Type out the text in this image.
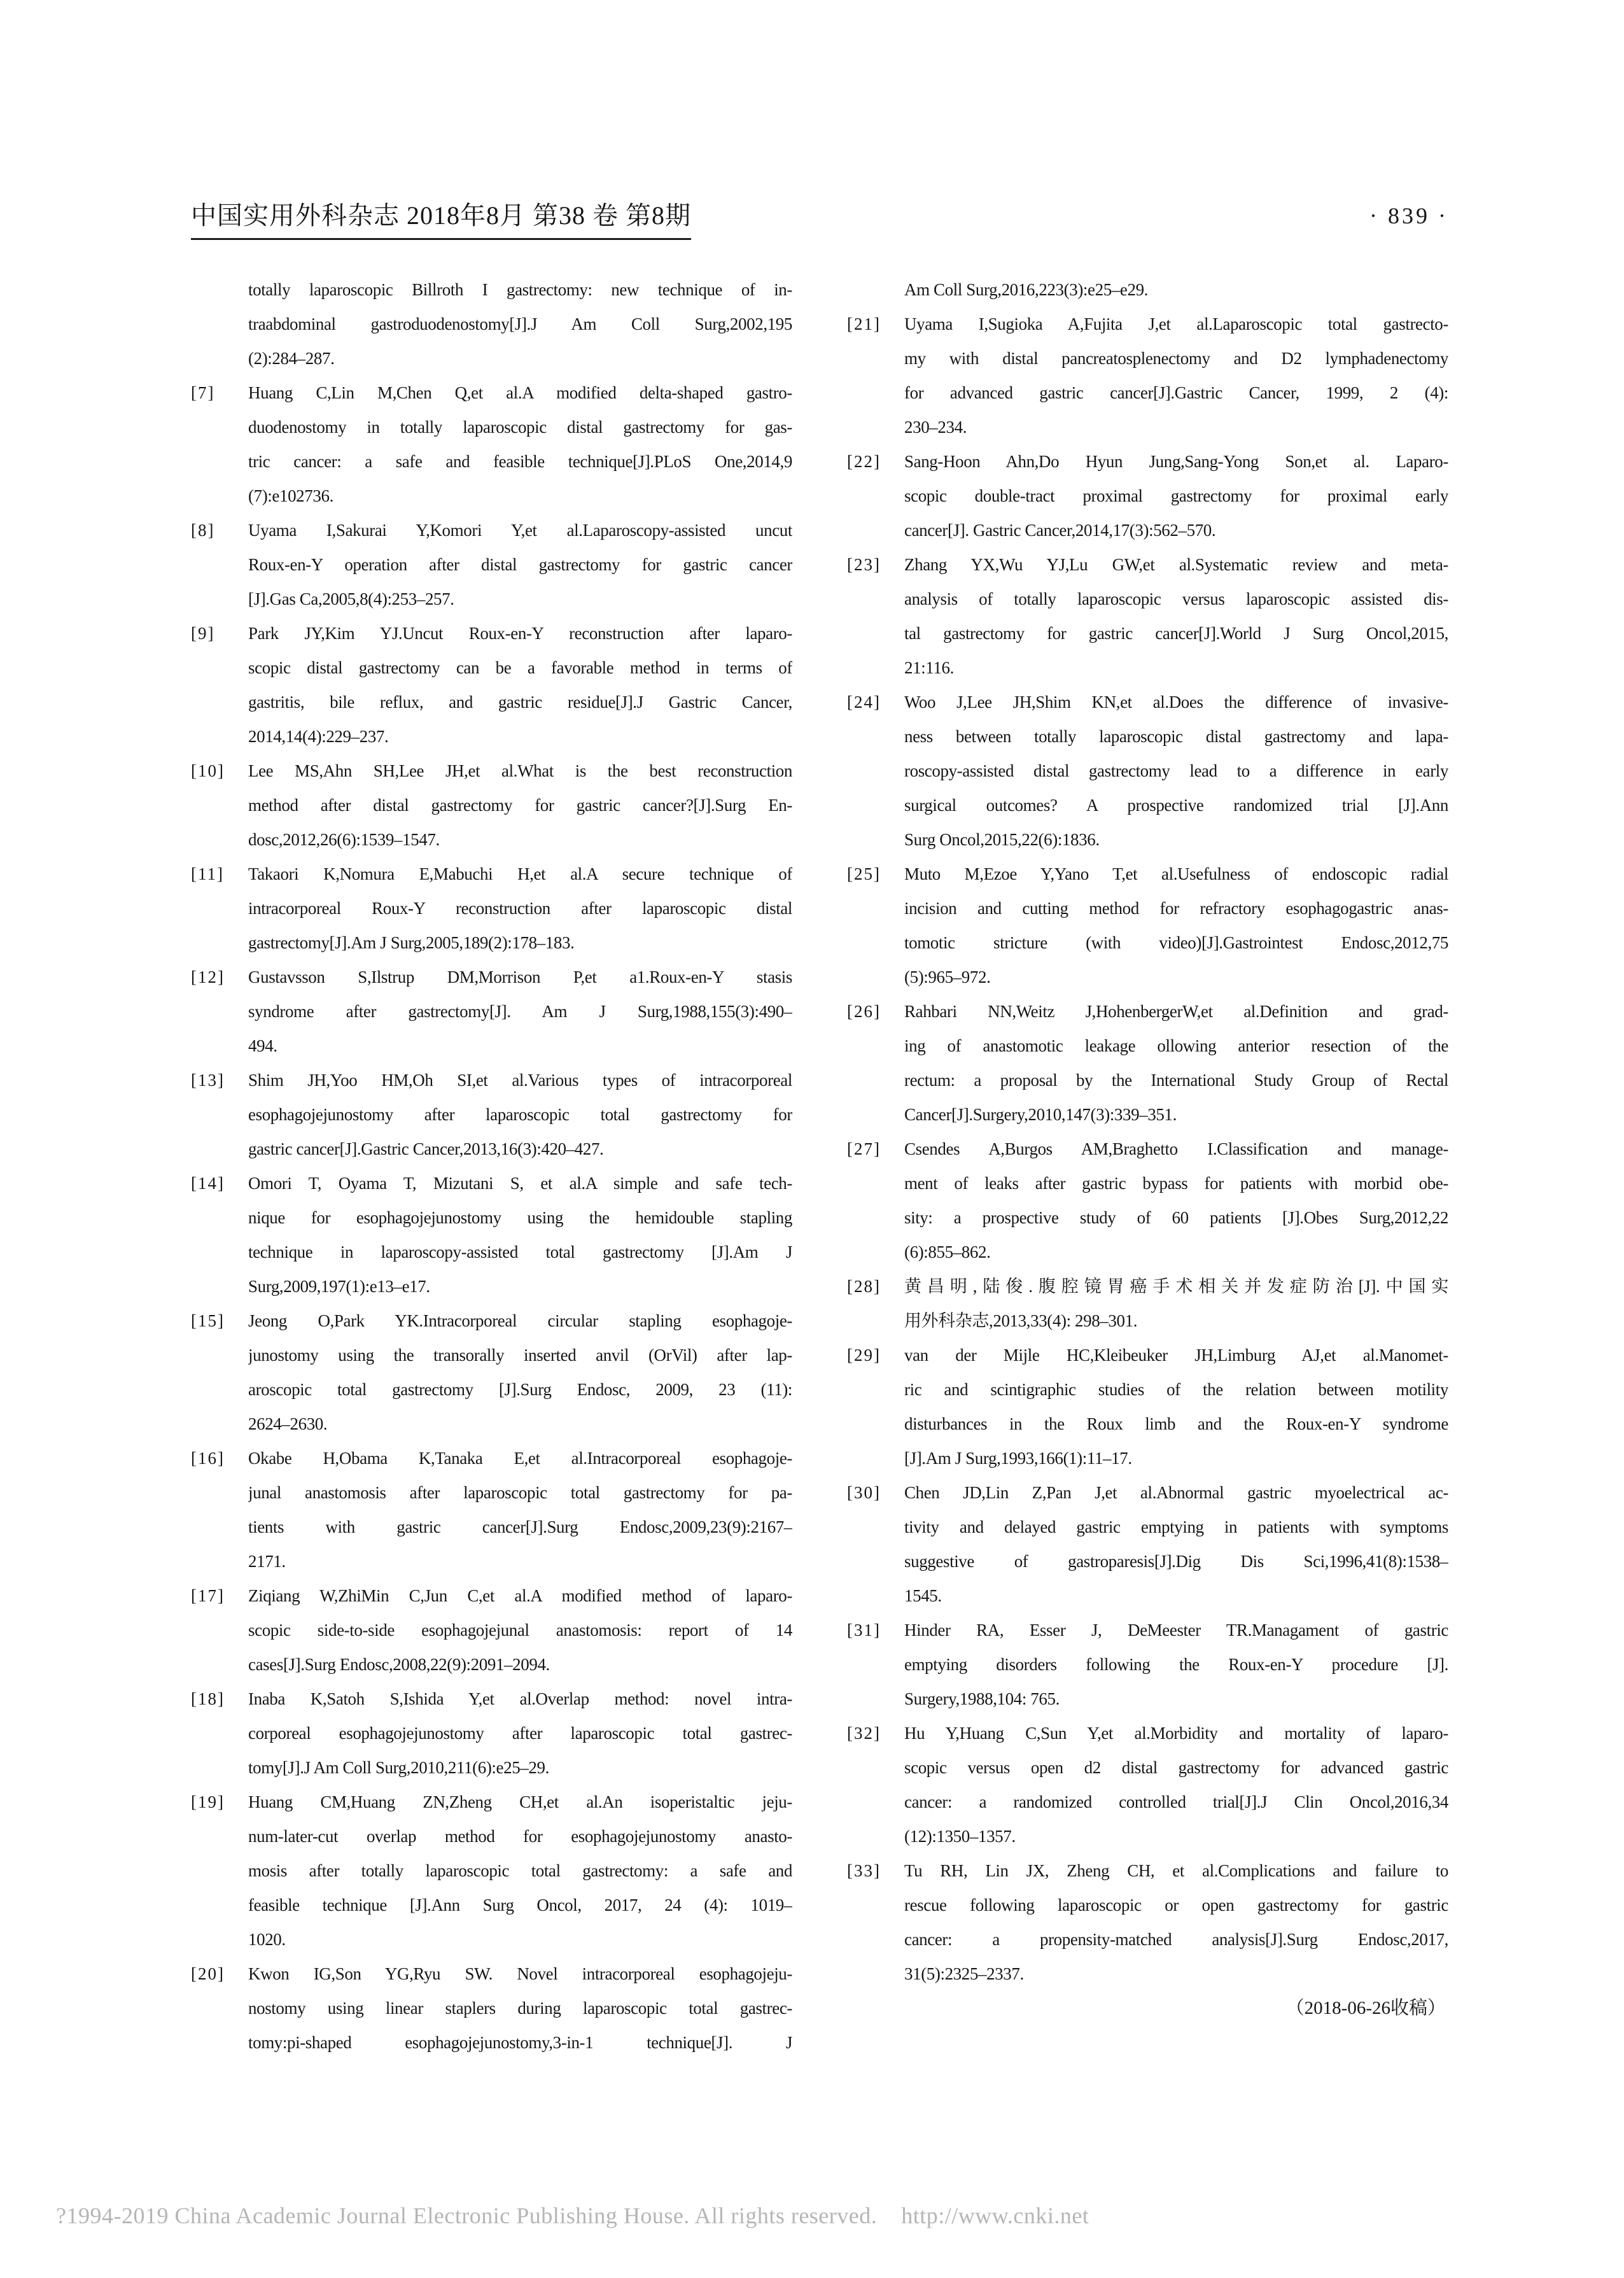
中国实用外科杂志 2018年8月 第38 卷 第8期	· 839 ·
totally laparoscopic Billroth I gastrectomy: new technique of in-
traabdominal gastroduodenostomy[J].J Am Coll Surg,2002,195
(2):284–287.
[7] Huang C,Lin M,Chen Q,et al.A modified delta-shaped gastro-
duodenostomy in totally laparoscopic distal gastrectomy for gas-
tric cancer: a safe and feasible technique[J].PLoS One,2014,9
(7):e102736.
[8] Uyama I,Sakurai Y,Komori Y,et al.Laparoscopy-assisted uncut
Roux-en-Y operation after distal gastrectomy for gastric cancer
[J].Gas Ca,2005,8(4):253–257.
[9] Park JY,Kim YJ.Uncut Roux-en-Y reconstruction after laparo-
scopic distal gastrectomy can be a favorable method in terms of
gastritis, bile reflux, and gastric residue[J].J Gastric Cancer,
2014,14(4):229–237.
[10] Lee MS,Ahn SH,Lee JH,et al.What is the best reconstruction
method after distal gastrectomy for gastric cancer?[J].Surg En-
dosc,2012,26(6):1539–1547.
[11] Takaori K,Nomura E,Mabuchi H,et al.A secure technique of
intracorporeal Roux-Y reconstruction after laparoscopic distal
gastrectomy[J].Am J Surg,2005,189(2):178–183.
[12] Gustavsson S,Ilstrup DM,Morrison P,et a1.Roux-en-Y stasis
syndrome after gastrectomy[J]. Am J Surg,1988,155(3):490–
494.
[13] Shim JH,Yoo HM,Oh SI,et al.Various types of intracorporeal
esophagojejunostomy after laparoscopic total gastrectomy for
gastric cancer[J].Gastric Cancer,2013,16(3):420–427.
[14] Omori T, Oyama T, Mizutani S, et al.A simple and safe tech-
nique for esophagojejunostomy using the hemidouble stapling
technique in laparoscopy-assisted total gastrectomy [J].Am J
Surg,2009,197(1):e13–e17.
[15] Jeong O,Park YK.Intracorporeal circular stapling esophagoje-
junostomy using the transorally inserted anvil (OrVil) after lap-
aroscopic total gastrectomy [J].Surg Endosc, 2009, 23 (11):
2624–2630.
[16] Okabe H,Obama K,Tanaka E,et al.Intracorporeal esophagoje-
junal anastomosis after laparoscopic total gastrectomy for pa-
tients with gastric cancer[J].Surg Endosc,2009,23(9):2167–
2171.
[17] Ziqiang W,ZhiMin C,Jun C,et al.A modified method of laparo-
scopic side-to-side esophagojejunal anastomosis: report of 14
cases[J].Surg Endosc,2008,22(9):2091–2094.
[18] Inaba K,Satoh S,Ishida Y,et al.Overlap method: novel intra-
corporeal esophagojejunostomy after laparoscopic total gastrec-
tomy[J].J Am Coll Surg,2010,211(6):e25–29.
[19] Huang CM,Huang ZN,Zheng CH,et al.An isoperistaltic jeju-
num-later-cut overlap method for esophagojejunostomy anasto-
mosis after totally laparoscopic total gastrectomy: a safe and
feasible technique [J].Ann Surg Oncol, 2017, 24 (4): 1019–
1020.
[20] Kwon IG,Son YG,Ryu SW. Novel intracorporeal esophagojeju-
nostomy using linear staplers during laparoscopic total gastrec-
tomy:pi-shaped esophagojejunostomy,3-in-1 technique[J]. J
Am Coll Surg,2016,223(3):e25–e29.
[21] Uyama I,Sugioka A,Fujita J,et al.Laparoscopic total gastrecto-
my with distal pancreatosplenectomy and D2 lymphadenectomy
for advanced gastric cancer[J].Gastric Cancer, 1999, 2 (4):
230–234.
[22] Sang-Hoon Ahn,Do Hyun Jung,Sang-Yong Son,et al. Laparo-
scopic double-tract proximal gastrectomy for proximal early
cancer[J]. Gastric Cancer,2014,17(3):562–570.
[23] Zhang YX,Wu YJ,Lu GW,et al.Systematic review and meta-
analysis of totally laparoscopic versus laparoscopic assisted dis-
tal gastrectomy for gastric cancer[J].World J Surg Oncol,2015,
21:116.
[24] Woo J,Lee JH,Shim KN,et al.Does the difference of invasive-
ness between totally laparoscopic distal gastrectomy and lapa-
roscopy-assisted distal gastrectomy lead to a difference in early
surgical outcomes? A prospective randomized trial [J].Ann
Surg Oncol,2015,22(6):1836.
[25] Muto M,Ezoe Y,Yano T,et al.Usefulness of endoscopic radial
incision and cutting method for refractory esophagogastric anas-
tomotic stricture (with video)[J].Gastrointest Endosc,2012,75
(5):965–972.
[26] Rahbari NN,Weitz J,HohenbergerW,et al.Definition and grad-
ing of anastomotic leakage ollowing anterior resection of the
rectum: a proposal by the International Study Group of Rectal
Cancer[J].Surgery,2010,147(3):339–351.
[27] Csendes A,Burgos AM,Braghetto I.Classification and manage-
ment of leaks after gastric bypass for patients with morbid obe-
sity: a prospective study of 60 patients [J].Obes Surg,2012,22
(6):855–862.
[28] 黄昌明,陆俊.腹腔镜胃癌手术相关并发症防治[J].中国实
用外科杂志,2013,33(4): 298–301.
[29] van der Mijle HC,Kleibeuker JH,Limburg AJ,et al.Manomet-
ric and scintigraphic studies of the relation between motility
disturbances in the Roux limb and the Roux-en-Y syndrome
[J].Am J Surg,1993,166(1):11–17.
[30] Chen JD,Lin Z,Pan J,et al.Abnormal gastric myoelectrical ac-
tivity and delayed gastric emptying in patients with symptoms
suggestive of gastroparesis[J].Dig Dis Sci,1996,41(8):1538–
1545.
[31] Hinder RA, Esser J, DeMeester TR.Managament of gastric
emptying disorders following the Roux-en-Y procedure [J].
Surgery,1988,104: 765.
[32] Hu Y,Huang C,Sun Y,et al.Morbidity and mortality of laparo-
scopic versus open d2 distal gastrectomy for advanced gastric
cancer: a randomized controlled trial[J].J Clin Oncol,2016,34
(12):1350–1357.
[33] Tu RH, Lin JX, Zheng CH, et al.Complications and failure to
rescue following laparoscopic or open gastrectomy for gastric
cancer: a propensity-matched analysis[J].Surg Endosc,2017,
31(5):2325–2337.
（2018-06-26收稿）
?1994-2019 China Academic Journal Electronic Publishing House. All rights reserved.    http://www.cnki.net
